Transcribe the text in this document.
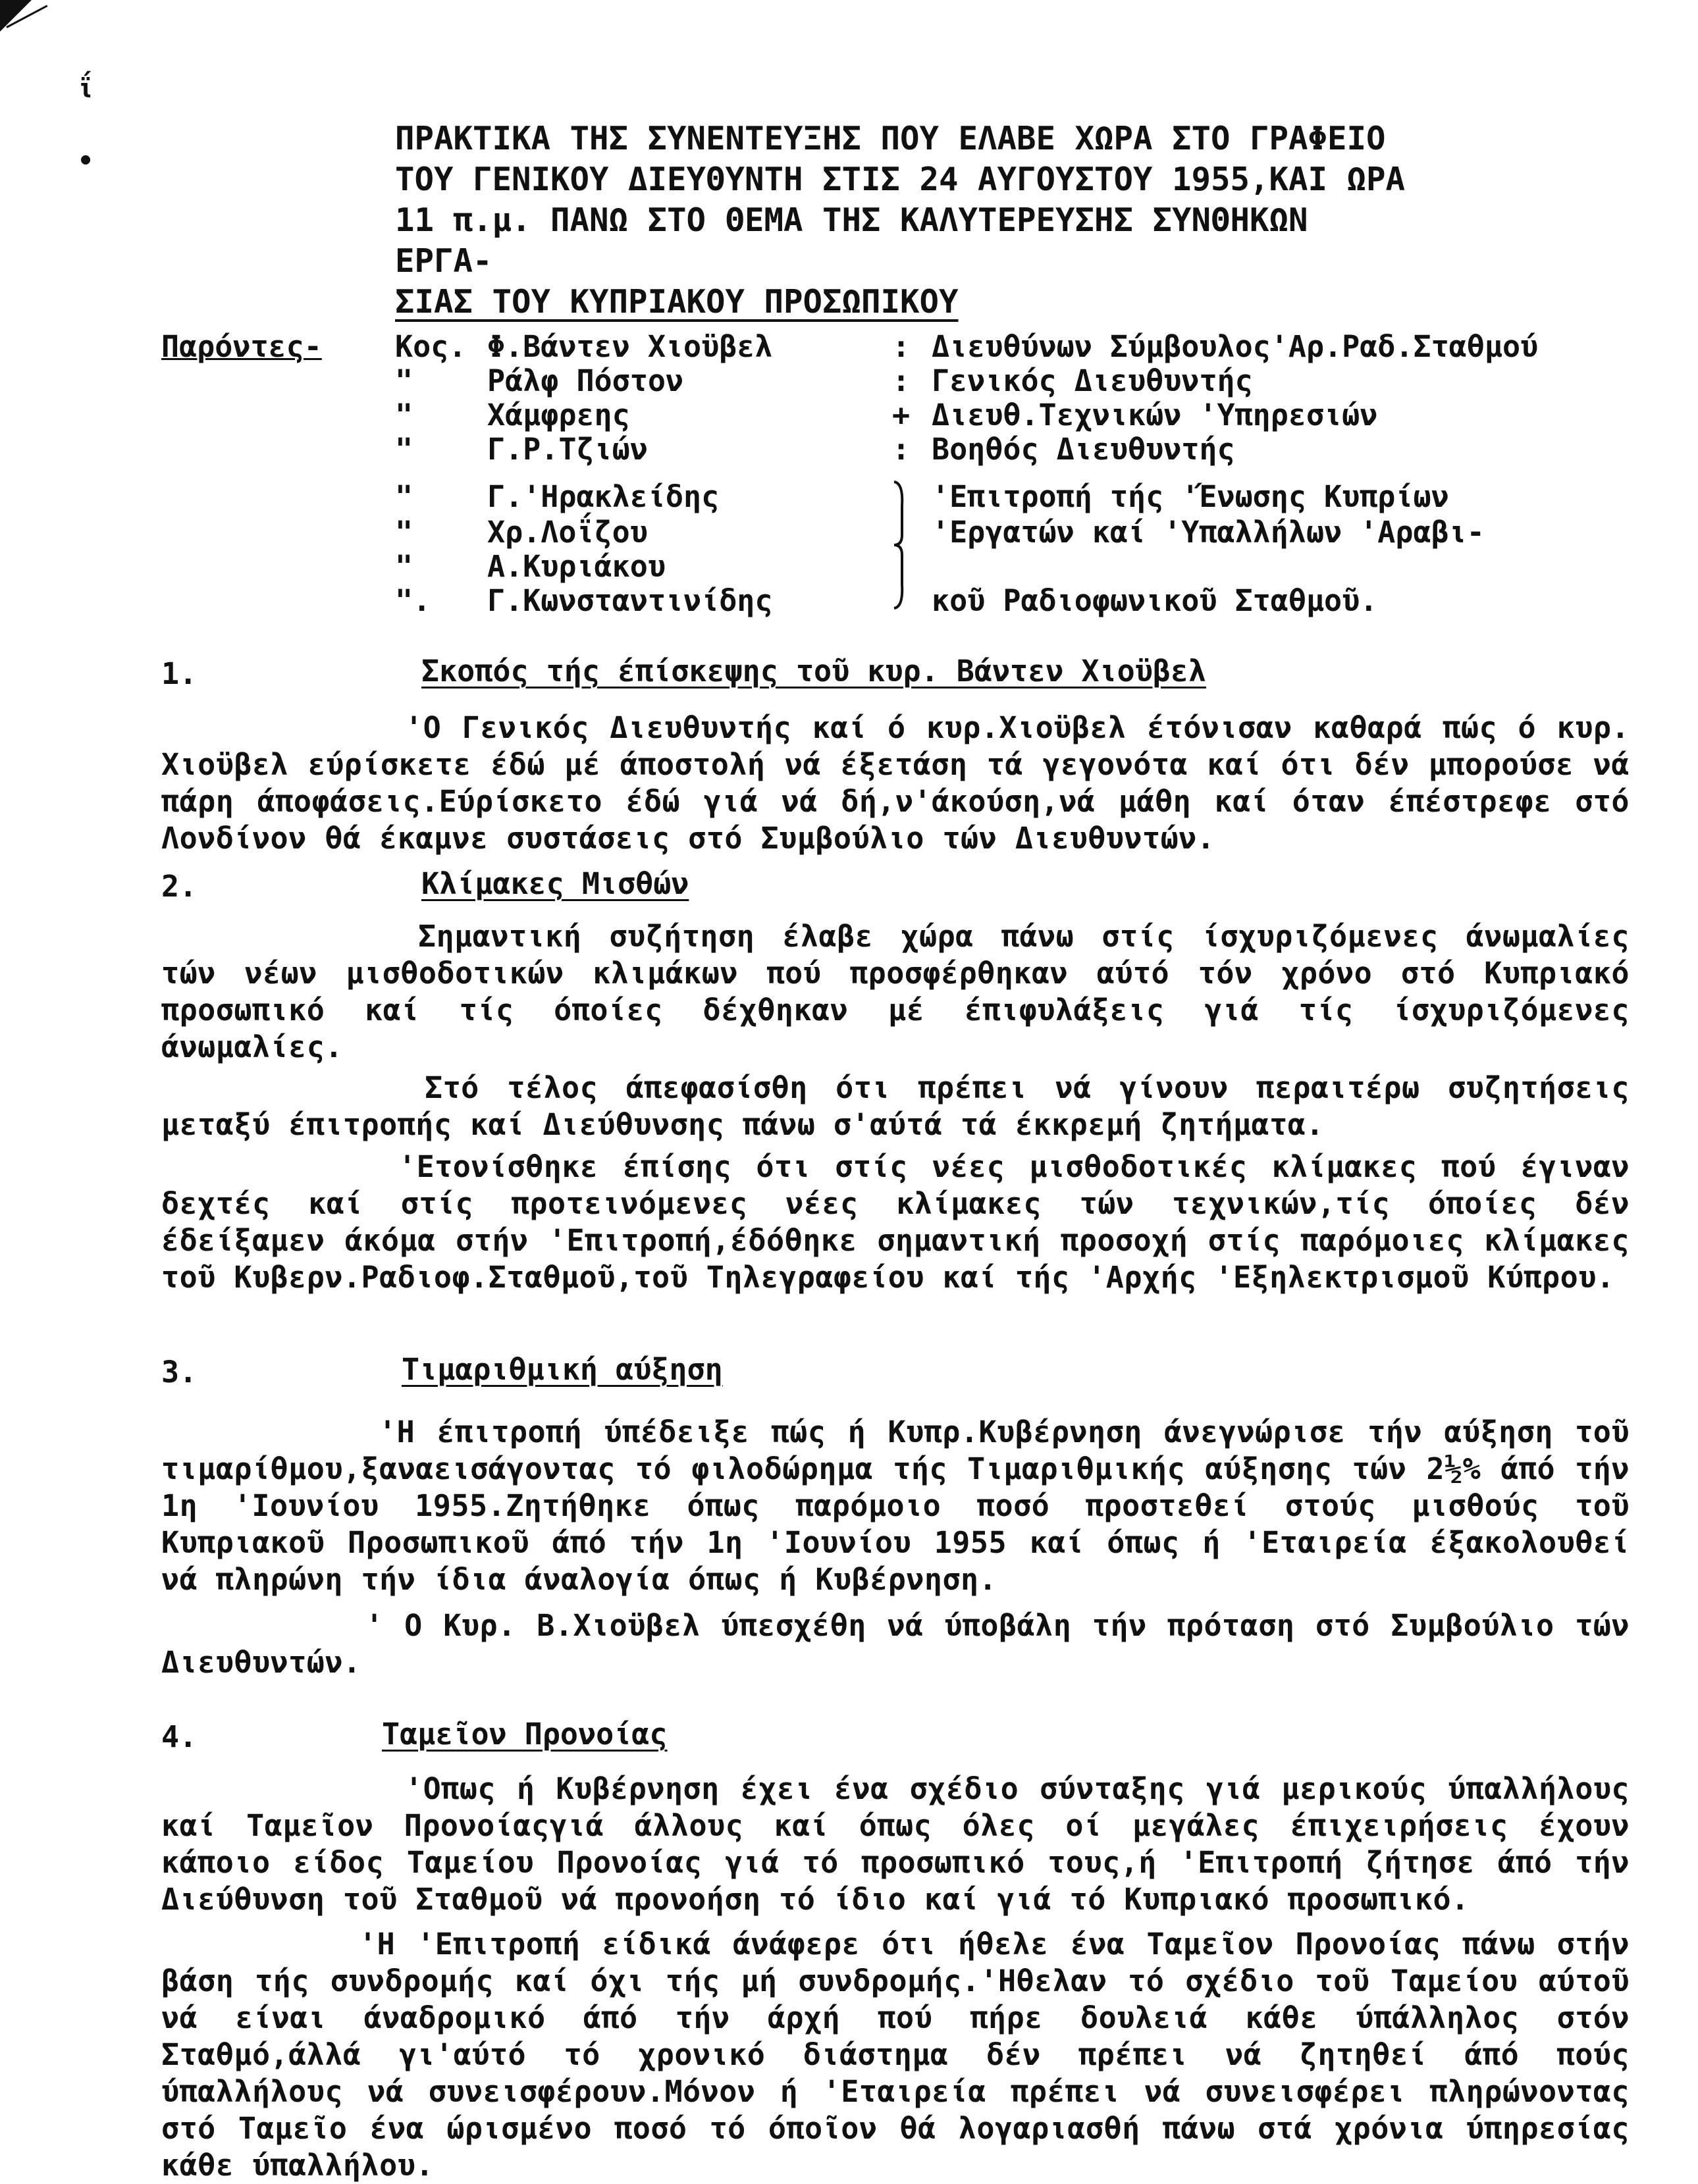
ΐ
•
ΠΡΑΚΤΙΚΑ ΤΗΣ ΣΥΝΕΝΤΕΥΞΗΣ ΠΟΥ ΕΛΑΒΕ ΧΩΡΑ ΣΤΟ ΓΡΑΦΕΙΟ
ΤΟΥ ΓΕΝΙΚΟΥ ΔΙΕΥΘΥΝΤΗ ΣΤΙΣ 24 ΑΥΓΟΥΣΤΟΥ 1955,ΚΑΙ ΩΡΑ
11 π.μ. ΠΑΝΩ ΣΤΟ ΘΕΜΑ ΤΗΣ ΚΑΛΥΤΕΡΕΥΣΗΣ ΣΥΝΘΗΚΩΝ ΕΡΓΑ-
ΣΙΑΣ ΤΟΥ ΚΥΠΡΙΑΚΟΥ ΠΡΟΣΩΠΙΚΟΥ
Παρόντες- Κος. Φ.Βάντεν Χιοϋβελ	: Διευθύνων Σύμβουλος'Αρ.Ραδ.Σταθμού
"	Ράλφ Πόστον	: Γενικός Διευθυντής
"	Χάμφρεης	+ Διευθ.Τεχνικών 'Υπηρεσιών
"	Γ.Ρ.Τζιών	: Βοηθός Διευθυντής
"	Γ.'Ηρακλείδης	'Επιτροπή τής 'Ένωσης Κυπρίων
"	Χρ.Λοΐζου	'Εργατών καί 'Υπαλλήλων 'Αραβι-
"	Α.Κυριάκου
". Γ.Κωνσταντινίδης	κοῦ Ραδιοφωνικοῦ Σταθμοῦ.
1.	Σκοπός τής έπίσκεψης τοῦ κυρ. Βάντεν Χιοϋβελ
'Ο Γενικός Διευθυντής καί ό κυρ.Χιοϋβελ έτόνισαν καθαρά πώς ό κυρ. Χιοϋβελ εύρίσκετε έδώ μέ άποστολή νά έξετάση τά γεγονότα καί ότι δέν μπορούσε νά πάρη άποφάσεις.Εύρίσκετο έδώ γιά νά δή,ν'άκούση,νά μάθη καί όταν έπέστρεφε στό Λονδίνον θά έκαμνε συστάσεις στό Συμβούλιο τών Διευθυντών.
2.	Κλίμακες Μισθών
Σημαντική συζήτηση έλαβε χώρα πάνω στίς ίσχυριζόμενες άνωμαλίες τών νέων μισθοδοτικών κλιμάκων πού προσφέρθηκαν αύτό τόν χρόνο στό Κυπριακό προσωπικό καί τίς όποίες δέχθηκαν μέ έπιφυλάξεις γιά τίς ίσχυριζόμενες άνωμαλίες.
Στό τέλος άπεφασίσθη ότι πρέπει νά γίνουν περαιτέρω συζητήσεις μεταξύ έπιτροπής καί Διεύθυνσης πάνω σ'αύτά τά έκκρεμή ζητήματα.
'Ετονίσθηκε έπίσης ότι στίς νέες μισθοδοτικές κλίμακες πού έγιναν δεχτές καί στίς προτεινόμενες νέες κλίμακες τών τεχνικών,τίς όποίες δέν έδείξαμεν άκόμα στήν 'Επιτροπή,έδόθηκε σημαντική προσοχή στίς παρόμοιες κλίμακες τοῦ Κυβερν.Ραδιοφ.Σταθμοῦ,τοῦ Τηλεγραφείου καί τής 'Αρχής 'Εξηλεκτρισμοῦ Κύπρου.
3.	Τιμαριθμική αύξηση
'Η έπιτροπή ύπέδειξε πώς ή Κυπρ.Κυβέρνηση άνεγνώρισε τήν αύξηση τοῦ τιμαρίθμου,ξαναεισάγοντας τό φιλοδώρημα τής Τιμαριθμικής αύξησης τών 2½% άπό τήν 1η 'Ιουνίου 1955.Ζητήθηκε όπως παρόμοιο ποσό προστεθεί στούς μισθούς τοῦ Κυπριακοῦ Προσωπικοῦ άπό τήν 1η 'Ιουνίου 1955 καί όπως ή 'Εταιρεία έξακολουθεί νά πληρώνη τήν ίδια άναλογία όπως ή Κυβέρνηση.
' Ο Κυρ. Β.Χιοϋβελ ύπεσχέθη νά ύποβάλη τήν πρόταση στό Συμβούλιο τών Διευθυντών.
4.	Ταμεῖον Προνοίας
'Οπως ή Κυβέρνηση έχει ένα σχέδιο σύνταξης γιά μερικούς ύπαλλήλους καί Ταμεῖον Προνοίαςγιά άλλους καί όπως όλες οί μεγάλες έπιχειρήσεις έχουν κάποιο είδος Ταμείου Προνοίας γιά τό προσωπικό τους,ή 'Επιτροπή ζήτησε άπό τήν Διεύθυνση τοῦ Σταθμοῦ νά προνοήση τό ίδιο καί γιά τό Κυπριακό προσωπικό.
'Η 'Επιτροπή είδικά άνάφερε ότι ήθελε ένα Ταμεῖον Προνοίας πάνω στήν βάση τής συνδρομής καί όχι τής μή συνδρομής.'Ηθελαν τό σχέδιο τοῦ Ταμείου αύτοῦ νά είναι άναδρομικό άπό τήν άρχή πού πήρε δουλειά κάθε ύπάλληλος στόν Σταθμό,άλλά γι'αύτό τό χρονικό διάστημα δέν πρέπει νά ζητηθεί άπό πούς ύπαλλήλους νά συνεισφέρουν.Μόνον ή 'Εταιρεία πρέπει νά συνεισφέρει πληρώνοντας στό Ταμεῖο ένα ώρισμένο ποσό τό όποῖον θά λογαριασθή πάνω στά χρόνια ύπηρεσίας κάθε ύπαλλήλου.
